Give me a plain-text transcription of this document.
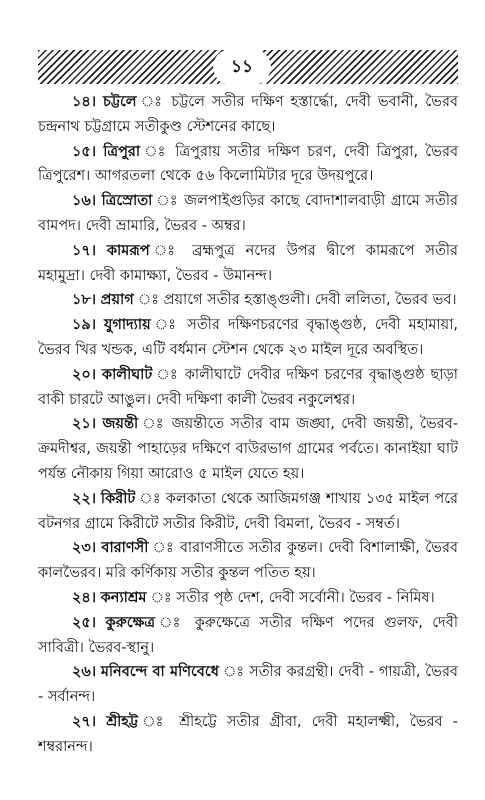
১১

১৪। চট্টলে ঃ চট্টলে সতীর দক্ষিণ হস্তার্দ্ধো, দেবী ভবানী, ভৈরব চন্দ্রনাথ চট্টগ্রামে সতীকুণ্ড স্টেশনের কাছে।

১৫। ত্রিপুরা ঃ ত্রিপুরায় সতীর দক্ষিণ চরণ, দেবী ত্রিপুরা, ভৈরব ত্রিপুরেশ। আগরতলা থেকে ৫৬ কিলোমিটার দূরে উদয়পুরে।

১৬। ত্রিস্রোতা ঃ জলপাইগুড়ির কাছে বোদাশালবাড়ী গ্রামে সতীর বামপদ। দেবী ভ্রামারি, ভৈরব - অম্বর।

১৭। কামরূপ ঃ ব্রহ্মপুত্র নদের উপর দ্বীপে কামরূপে সতীর মহামুদ্রা। দেবী কামাক্ষ্যা, ভৈরব - উমানন্দ।

১৮। প্রয়াগ ঃ প্রয়াগে সতীর হস্তাঙ্গুলী। দেবী ললিতা, ভৈরব ভব।

১৯। যুগাদ্যায় ঃ সতীর দক্ষিণচরণের বৃদ্ধাঙ্গুষ্ঠ, দেবী মহামায়া, ভৈরব খির খন্ডক, এটি বর্ধমান স্টেশন থেকে ২৩ মাইল দূরে অবস্থিত।

২০। কালীঘাট ঃ কালীঘাটে দেবীর দক্ষিণ চরণের বৃদ্ধাঙ্গুষ্ঠ ছাড়া বাকী চারটে আঙুল। দেবী দক্ষিণা কালী ভৈরব নকুলেশ্বর।

২১। জয়ন্তী ঃ জয়ন্তীতে সতীর বাম জঙ্ঘা, দেবী জয়ন্তী, ভৈরব-ক্রমদীশ্বর, জয়ন্তী পাহাড়ের দক্ষিণে বাউরভাগ গ্রামের পর্বতে। কানাইয়া ঘাট পর্যন্ত নৌকায় গিয়া আরোও ৫ মাইল যেতে হয়।

২২। কিরীট ঃ কলকাতা থেকে আজিমগঞ্জ শাখায় ১৩৫ মাইল পরে বটনগর গ্রামে কিরীটে সতীর কিরীট, দেবী বিমলা, ভৈরব - সম্বর্ত।

২৩। বারাণসী ঃ বারাণসীতে সতীর কুন্তল। দেবী বিশালাক্ষী, ভৈরব কালভৈরব। মরি কর্ণিকায় সতীর কুন্তল পতিত হয়।

২৪। কন্যাশ্রম ঃ সতীর পৃষ্ঠ দেশ, দেবী সর্বোনী। ভৈরব - নিমিষ।

২৫। কুরুক্ষেত্র ঃ কুরুক্ষেত্রে সতীর দক্ষিণ পদের গুলফ, দেবী সাবিত্রী। ভৈরব-স্থানু।

২৬। মনিবন্দে বা মণিবেধে ঃ সতীর করগ্রন্থী। দেবী - গায়ত্রী, ভৈরব - সর্বানন্দ।

২৭। শ্রীহট্ট ঃ শ্রীহট্টে সতীর গ্রীবা, দেবী মহালক্ষ্মী, ভৈরব - শম্বরানন্দ।
